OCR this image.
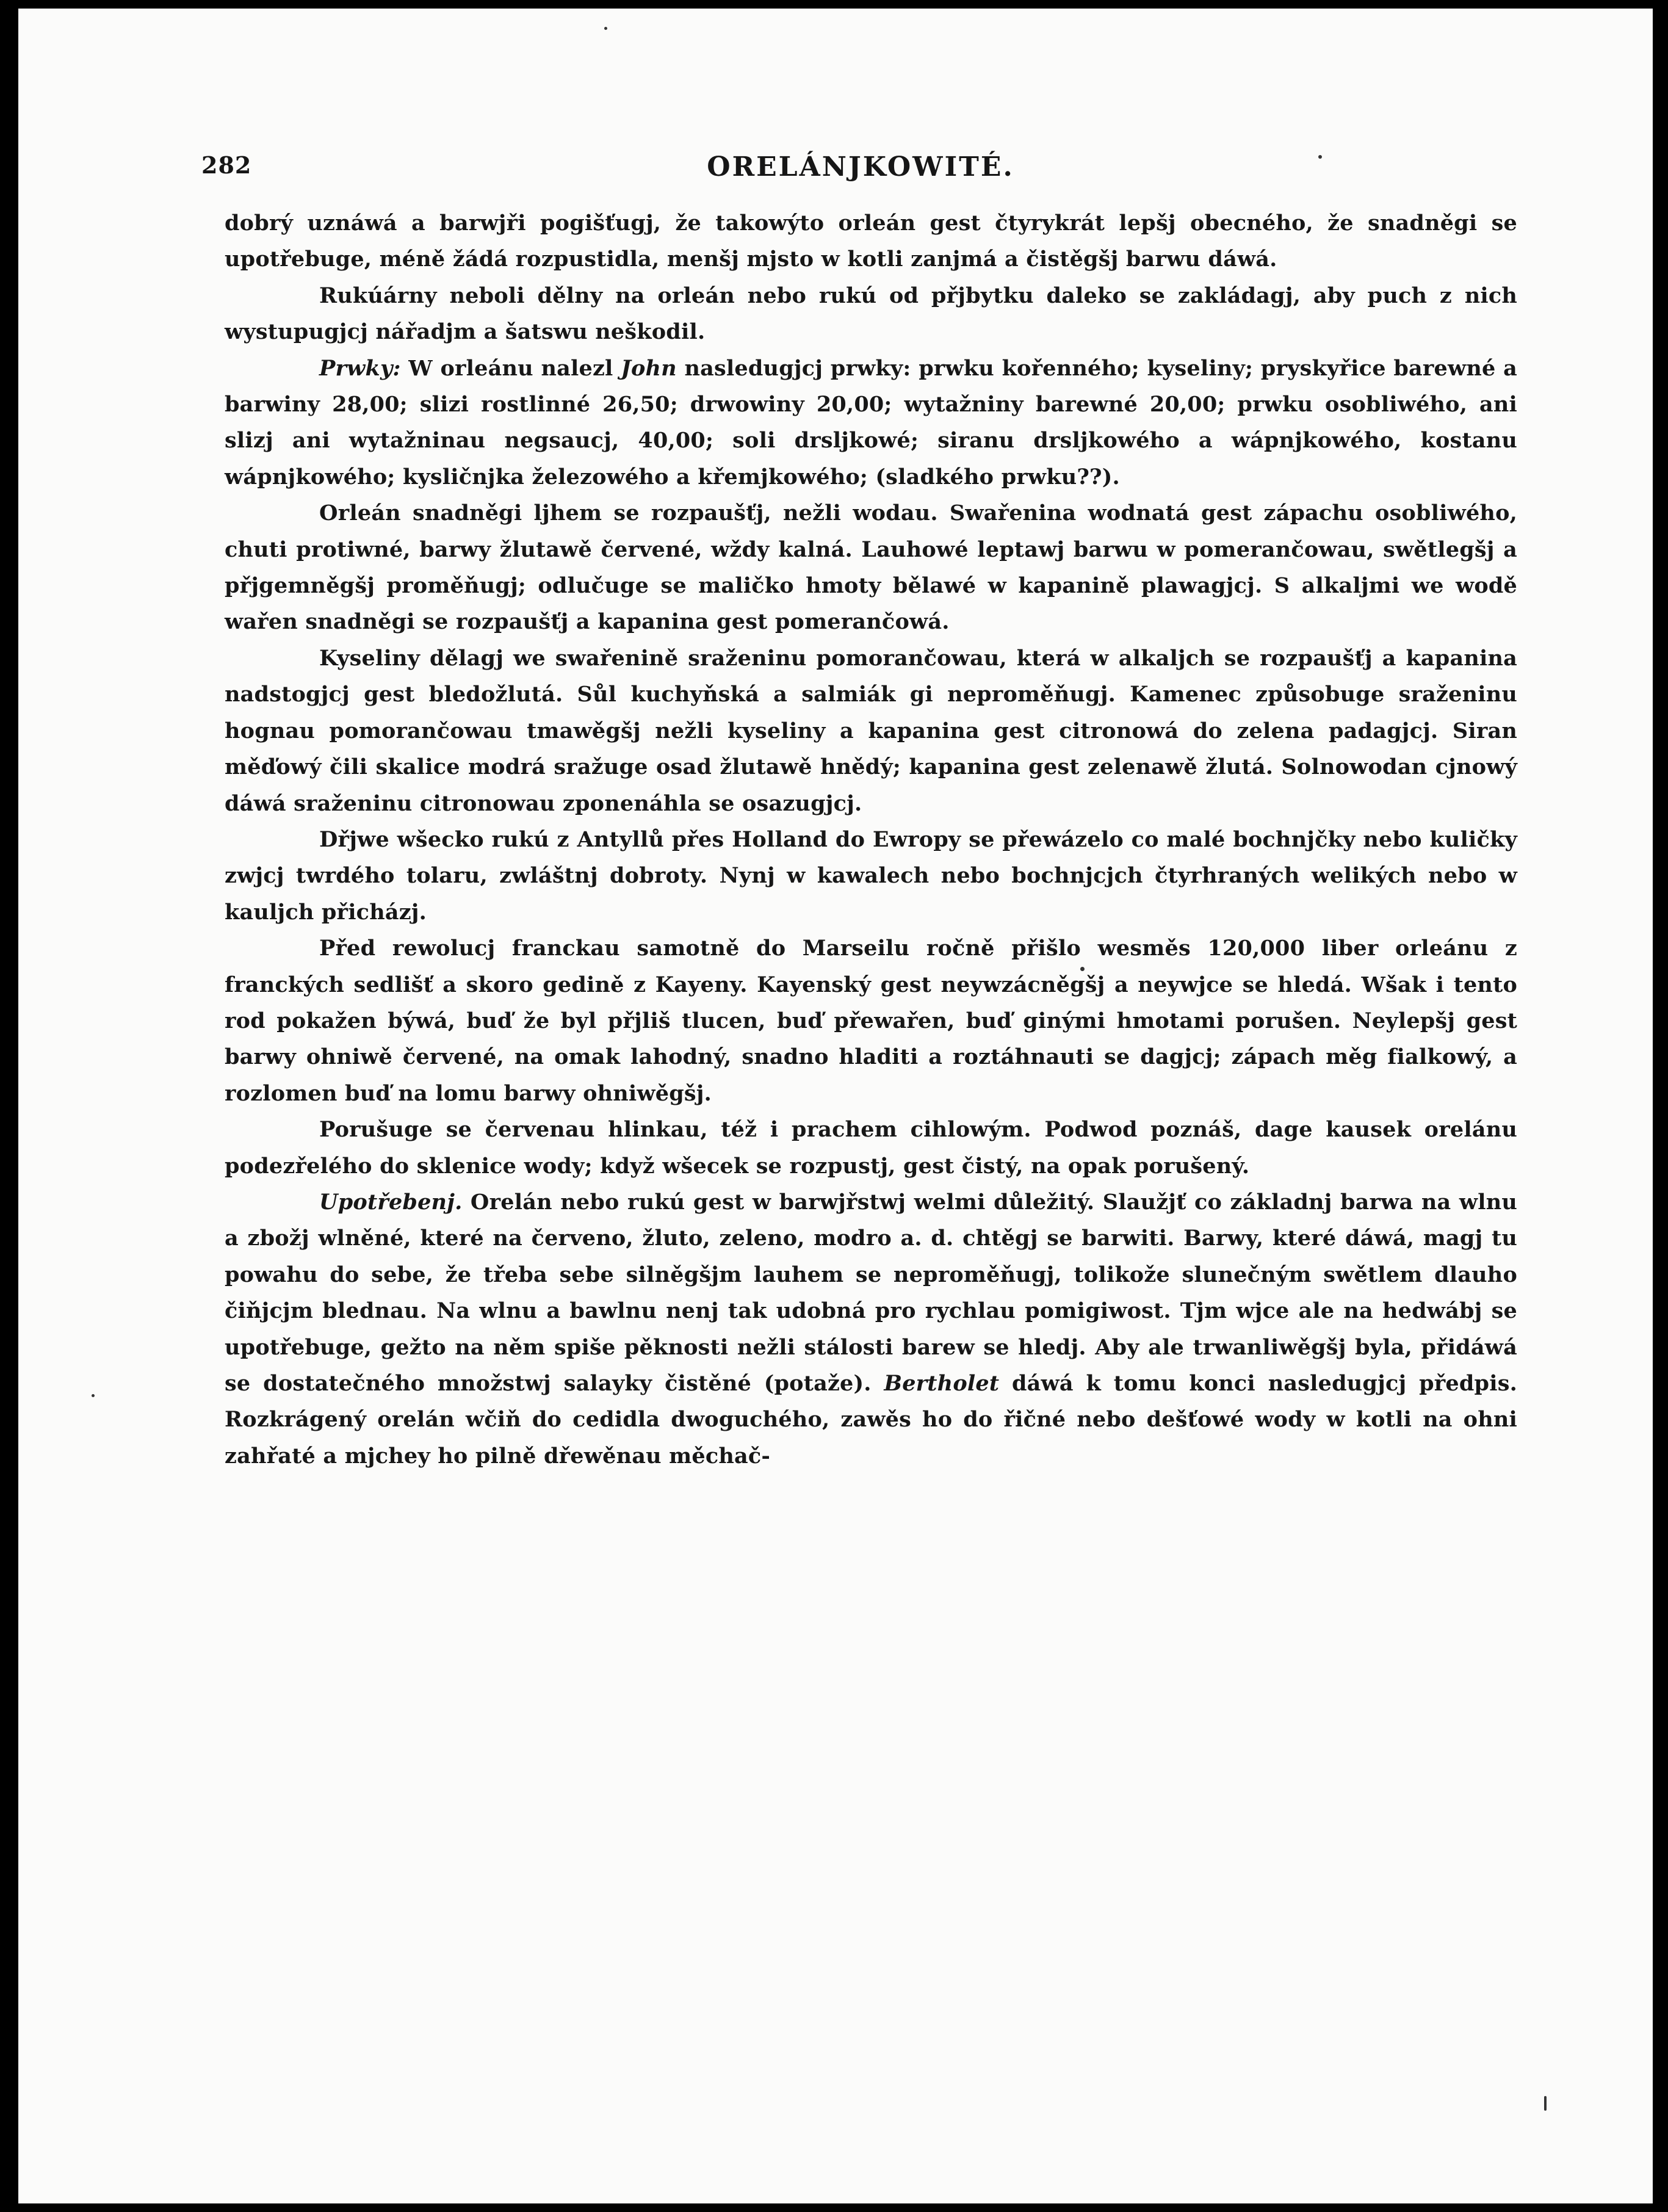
282	ORELÁNJKOWITÉ.

dobrý uznáwá a barwjři pogišťugj, že takowýto orleán gest čtyrykrát lepšj obecného, že snadněgi se upotřebuge, méně žádá rozpustidla, menšj mjsto w kotli zanjmá a čistěgšj barwu dáwá.

Rukúárny neboli dělny na orleán nebo rukú od přjbytku daleko se zakládagj, aby puch z nich wystupugjcj nářadjm a šatswu neškodil.

Prwky: W orleánu nalezl John nasledugjcj prwky: prwku kořenného; kyseliny; pryskyřice barewné a barwiny 28,00; slizi rostlinné 26,50; drwowiny 20,00; wytažniny barewné 20,00; prwku osobliwého, ani slizj ani wytažninau negsaucj, 40,00; soli drsljkowé; siranu drsljkowého a wápnjkowého, kostanu wápnjkowého; kysličnjka železowého a křemjkowého; (sladkého prwku??).

Orleán snadněgi ljhem se rozpaušťj, nežli wodau. Swařenina wodnatá gest zápachu osobliwého, chuti protiwné, barwy žlutawě červené, wždy kalná. Lauhowé leptawj barwu w pomerančowau, swětlegšj a přjgemněgšj proměňugj; odlučuge se maličko hmoty bělawé w kapanině plawagjcj. S alkaljmi we wodě wařen snadněgi se rozpaušťj a kapanina gest pomerančowá.

Kyseliny dělagj we swařenině sraženinu pomorančowau, která w alkaljch se rozpaušťj a kapanina nadstogjcj gest bledožlutá. Sůl kuchyňská a salmiák gi neproměňugj. Kamenec způsobuge sraženinu hognau pomorančowau tmawěgšj nežli kyseliny a kapanina gest citronowá do zelena padagjcj. Siran měďowý čili skalice modrá sražuge osad žlutawě hnědý; kapanina gest zelenawě žlutá. Solnowodan cjnowý dáwá sraženinu citronowau zponenáhla se osazugjcj.

Dřjwe wšecko rukú z Antyllů přes Holland do Ewropy se přewázelo co malé bochnjčky nebo kuličky zwjcj twrdého tolaru, zwláštnj dobroty. Nynj w kawalech nebo bochnjcjch čtyrhraných welikých nebo w kauljch přicházj.

Před rewolucj franckau samotně do Marseilu ročně přišlo wesměs 120,000 liber orleánu z franckých sedlišť a skoro gedině z Kayeny. Kayenský gest neywzácněgšj a neywjce se hledá. Wšak i tento rod pokažen býwá, buď že byl přjliš tlucen, buď přewařen, buď ginými hmotami porušen. Neylepšj gest barwy ohniwě červené, na omak lahodný, snadno hladiti a roztáhnauti se dagjcj; zápach měg fialkowý, a rozlomen buď na lomu barwy ohniwěgšj.

Porušuge se červenau hlinkau, též i prachem cihlowým. Podwod poznáš, dage kausek orelánu podezřelého do sklenice wody; když wšecek se rozpustj, gest čistý, na opak porušený.

Upotřebenj. Orelán nebo rukú gest w barwjřstwj welmi důležitý. Slaužjť co základnj barwa na wlnu a zbožj wlněné, které na červeno, žluto, zeleno, modro a. d. chtěgj se barwiti. Barwy, které dáwá, magj tu powahu do sebe, že třeba sebe silněgšjm lauhem se neproměňugj, tolikože slunečným swětlem dlauho čiňjcjm blednau. Na wlnu a bawlnu nenj tak udobná pro rychlau pomigiwost. Tjm wjce ale na hedwábj se upotřebuge, gežto na něm spiše pěknosti nežli stálosti barew se hledj. Aby ale trwanliwěgšj byla, přidáwá se dostatečného množstwj salayky čistěné (potaže). Bertholet dáwá k tomu konci nasledugjcj předpis. Rozkrágený orelán wčiň do cedidla dwoguchého, zawěs ho do řičné nebo dešťowé wody w kotli na ohni zahřaté a mjchey ho pilně dřewěnau měchač-
